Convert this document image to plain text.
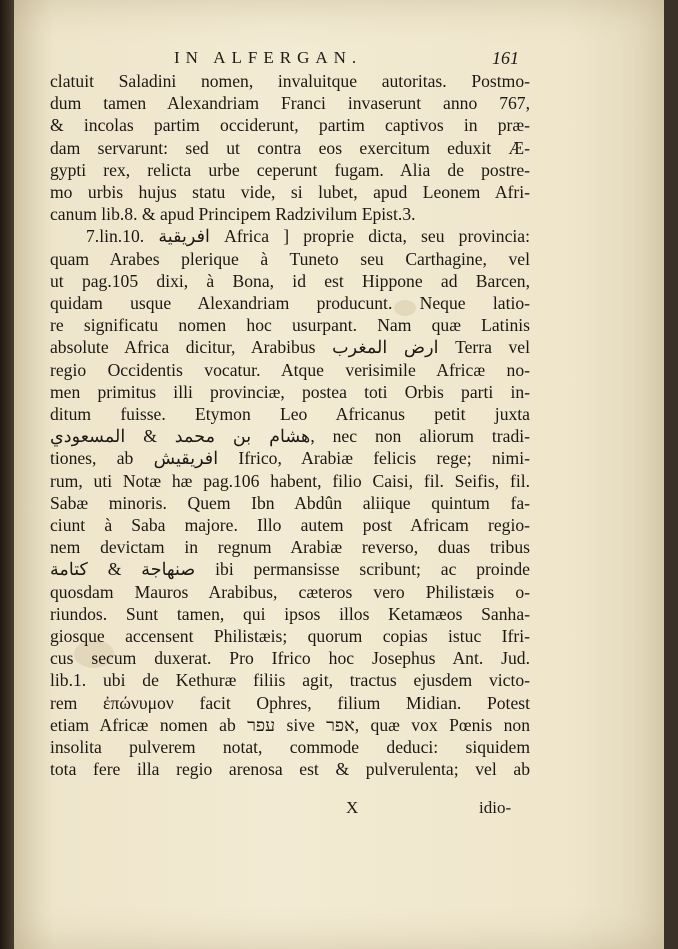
IN ALFERGAN.	161
clatuit Saladini nomen, invaluitque autoritas. Postmo-
dum tamen Alexandriam Franci invaserunt anno 767,
& incolas partim occiderunt, partim captivos in præ-
dam servarunt: sed ut contra eos exercitum eduxit Æ-
gypti rex, relicta urbe ceperunt fugam. Alia de postre-
mo urbis hujus statu vide, si lubet, apud Leonem Afri-
canum lib.8. & apud Principem Radzivilum Epist.3.
7.lin.10. افريقية Africa ] proprie dicta, seu provincia:
quam Arabes plerique à Tuneto seu Carthagine, vel
ut pag.105 dixi, à Bona, id est Hippone ad Barcen,
quidam usque Alexandriam producunt. Neque latio-
re significatu nomen hoc usurpant. Nam quæ Latinis
absolute Africa dicitur, Arabibus ارض المغرب Terra vel
regio Occidentis vocatur. Atque verisimile Africæ no-
men primitus illi provinciæ, postea toti Orbis parti in-
ditum fuisse. Etymon Leo Africanus petit juxta
هشام بن محمد & المسعودي, nec non aliorum tradi-
tiones, ab افريقيش Ifrico, Arabiæ felicis rege; nimi-
rum, uti Notæ hæ pag.106 habent, filio Caisi, fil. Seifis, fil.
Sabæ minoris. Quem Ibn Abdûn aliique quintum fa-
ciunt à Saba majore. Illo autem post Africam regio-
nem devictam in regnum Arabiæ reverso, duas tribus
صنهاجة & كتامة ibi permansisse scribunt; ac proinde
quosdam Mauros Arabibus, cæteros vero Philistæis o-
riundos. Sunt tamen, qui ipsos illos Ketamæos Sanha-
giosque accensent Philistæis; quorum copias istuc Ifri-
cus secum duxerat. Pro Ifrico hoc Josephus Ant. Jud.
lib.1. ubi de Kethuræ filiis agit, tractus ejusdem victo-
rem ἐπώνυμον facit Ophres, filium Midian. Potest
etiam Africæ nomen ab עפר sive אפר, quæ vox Pœnis non
insolita pulverem notat, commode deduci: siquidem
tota fere illa regio arenosa est & pulverulenta; vel ab
X	idio-
